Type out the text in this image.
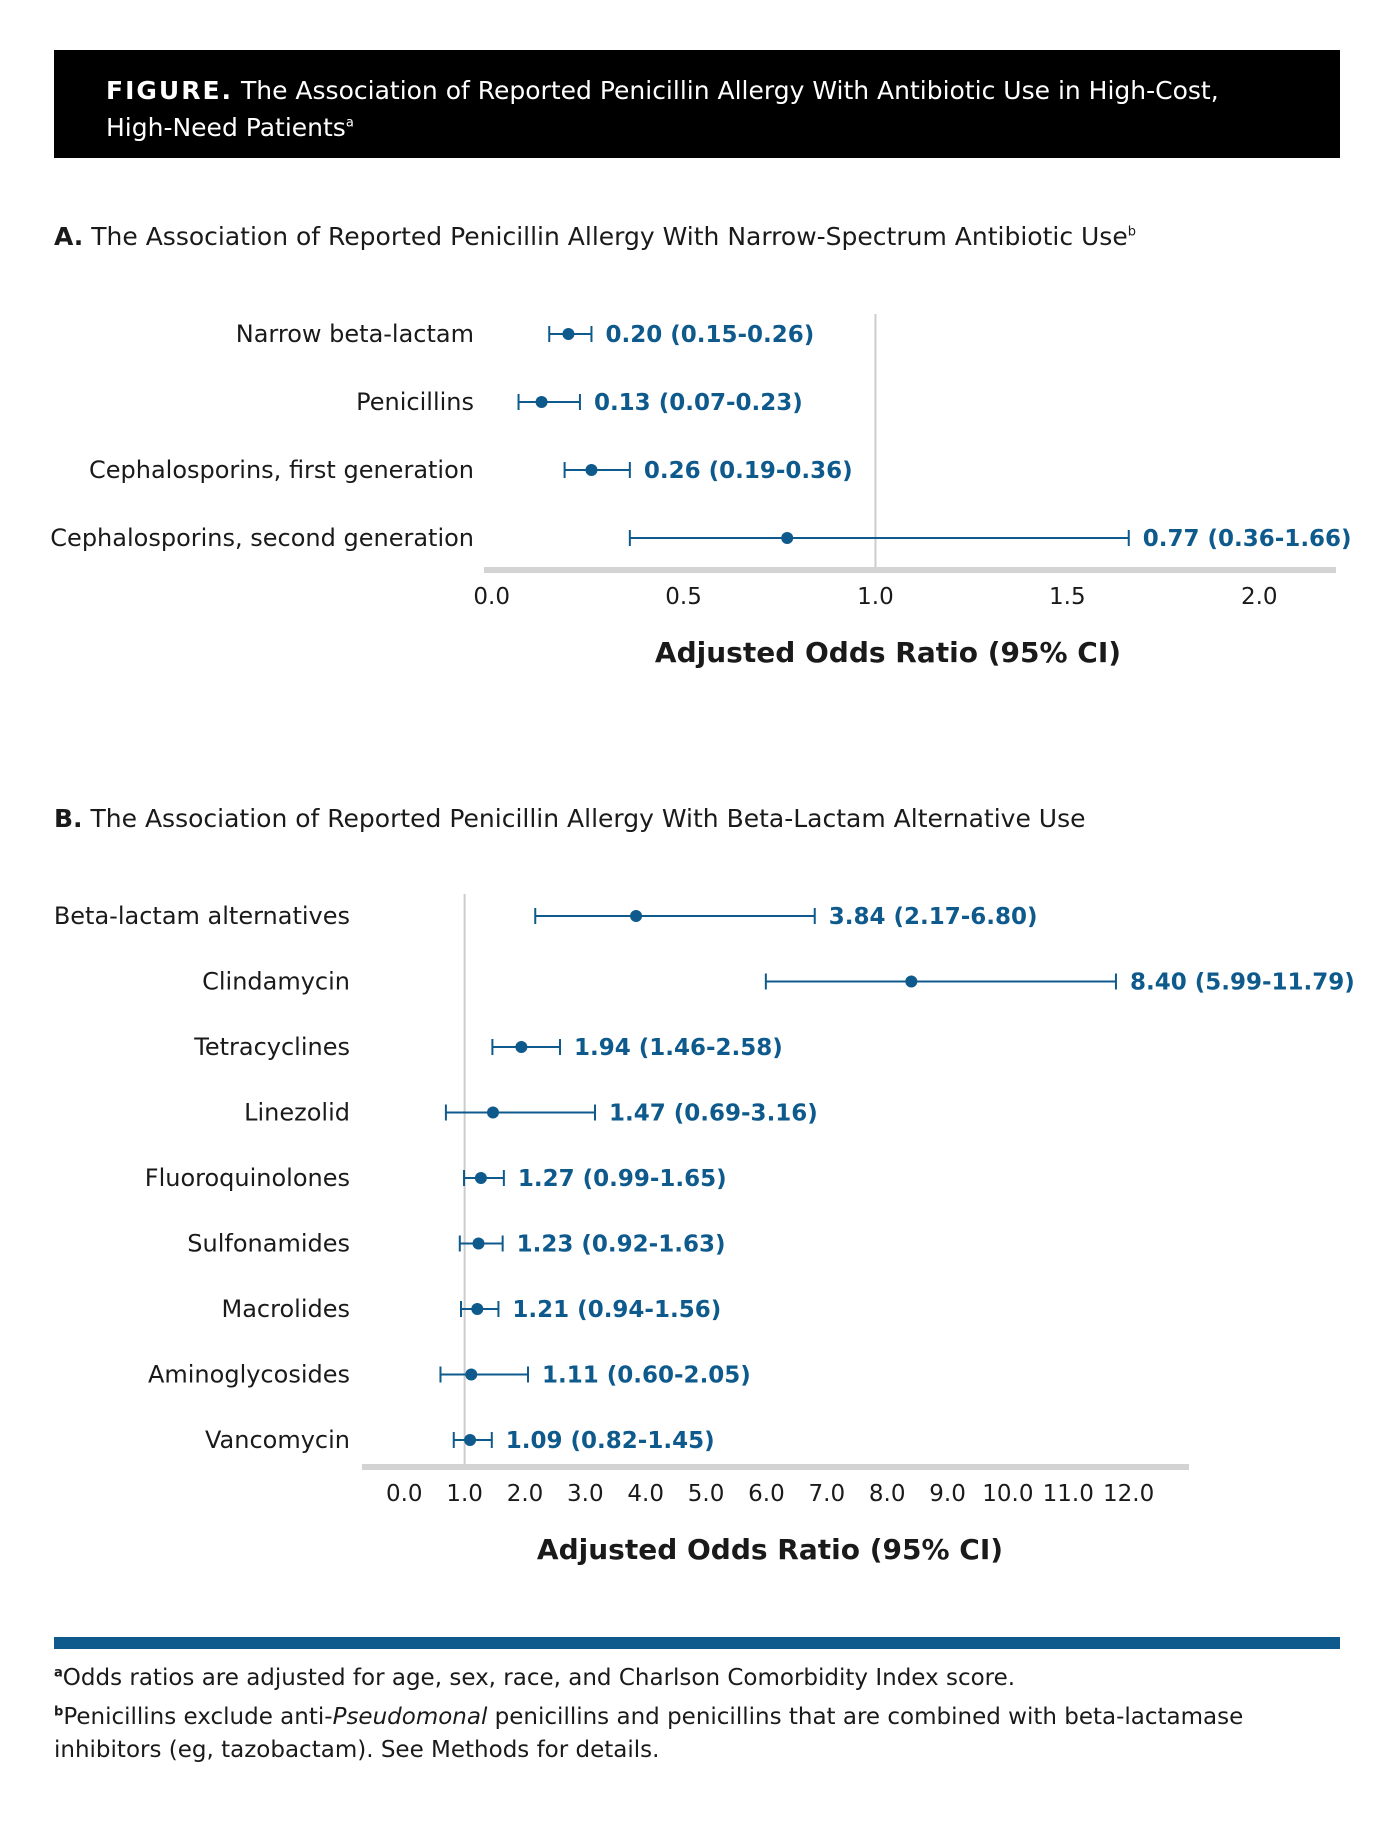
FIGURE. The Association of Reported Penicillin Allergy With Antibiotic Use in High-Cost,
High-Need Patients$^a$
A. The Association of Reported Penicillin Allergy With Narrow-Spectrum Antibiotic Use$^b$
0.0	0.5	1.0	1.5	2.0
Adjusted Odds Ratio (95% CI)
Narrow beta-lactam	0.20 (0.15-0.26)
Penicillins	0.13 (0.07-0.23)
Cephalosporins, first generation	0.26 (0.19-0.36)
Cephalosporins, second generation	0.77 (0.36-1.66)
B. The Association of Reported Penicillin Allergy With Beta-Lactam Alternative Use
0.0 1.0 2.0 3.0 4.0 5.0 6.0 7.0 8.0 9.0 10.0 11.0 12.0
Adjusted Odds Ratio (95% CI)
Beta-lactam alternatives	3.84 (2.17-6.80)
Clindamycin	8.40 (5.99-11.79)
Tetracyclines	1.94 (1.46-2.58)
Linezolid	1.47 (0.69-3.16)
Fluoroquinolones	1.27 (0.99-1.65)
Sulfonamides	1.23 (0.92-1.63)
Macrolides	1.21 (0.94-1.56)
Aminoglycosides	1.11 (0.60-2.05)
Vancomycin	1.09 (0.82-1.45)

$^a$Odds ratios are adjusted for age, sex, race, and Charlson Comorbidity Index score.

$^b$Penicillins exclude anti-Pseudomonal penicillins and penicillins that are combined with beta-lactamase inhibitors (eg, tazobactam). See Methods for details.
